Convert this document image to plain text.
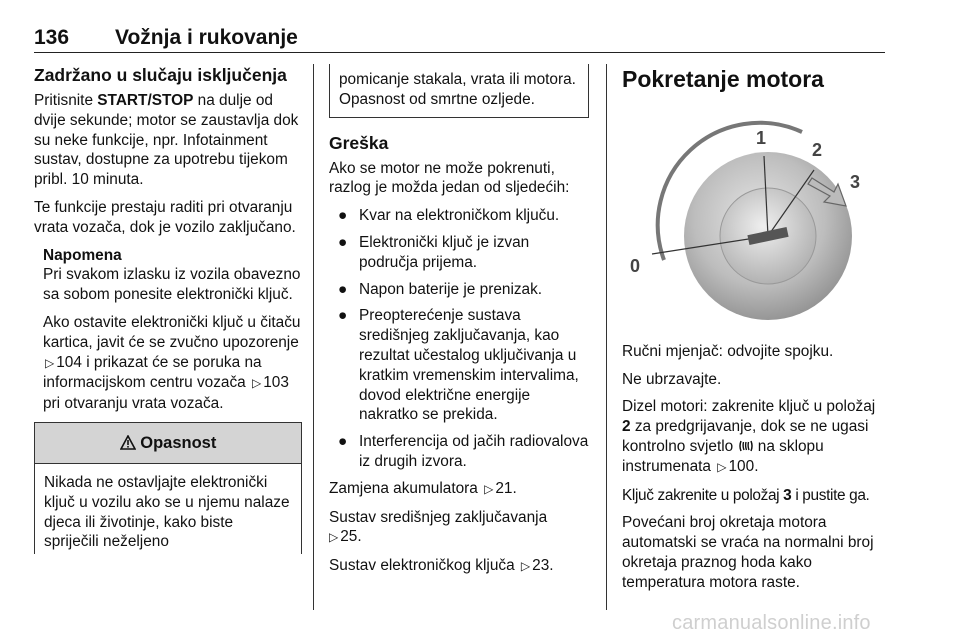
136 Vožnja i rukovanje
Zadržano u slučaju isključenja

Pritisnite START/STOP na dulje od dvije sekunde; motor se zaustavlja dok su neke funkcije, npr. Infotainment sustav, dostupne za upotrebu tijekom pribl. 10 minuta.

Te funkcije prestaju raditi pri otvaranju vrata vozača, dok je vozilo zaključano.

Napomena

Pri svakom izlasku iz vozila obavezno sa sobom ponesite elektronički ključ.

Ako ostavite elektronički ključ u čitaču kartica, javit će se zvučno upozorenje ▷ 104 i prikazat će se poruka na informacijskom centru vozača ▷ 103 pri otvaranju vrata vozača.

Opasnost
Nikada ne ostavljajte elektronički ključ u vozilu ako se u njemu nalaze djeca ili životinje, kako biste spriječili neželjeno
pomicanje stakala, vrata ili motora. Opasnost od smrtne ozljede.
Greška

Ako se motor ne može pokrenuti, razlog je možda jedan od sljedećih:

● Kvar na elektroničkom ključu.
● Elektronički ključ je izvan područja prijema.
● Napon baterije je prenizak.
● Preopterećenje sustava središnjeg zaključavanja, kao rezultat učestalog uključivanja u kratkim vremenskim intervalima, dovod električne energije nakratko se prekida.
● Interferencija od jačih radiovalova iz drugih izvora.

Zamjena akumulatora ▷ 21.

Sustav središnjeg zaključavanja
▷ 25.

Sustav elektroničkog ključa ▷ 23.

Pokretanje motora
0
1
2
3

Ručni mjenjač: odvojite spojku.

Ne ubrzavajte.

Dizel motori: zakrenite ključ u položaj
2 za predgrijavanje, dok se ne ugasi kontrolno svjetlo na sklopu instrumenata ▷ 100.

Ključ zakrenite u položaj 3 i pustite ga.

Povećani broj okretaja motora automatski se vraća na normalni broj okretaja praznog hoda kako temperatura motora raste.

carmanualsonline.info
